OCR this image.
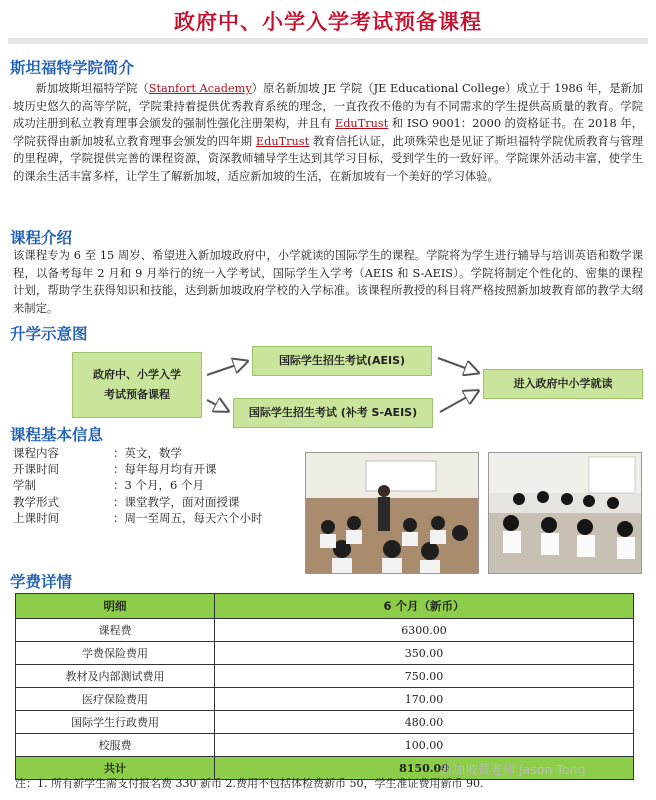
政府中、小学入学考试预备课程
斯坦福特学院简介

新加坡斯坦福特学院（Stanfort Academy）原名新加坡 JE 学院（JE Educational College）成立于 1986 年，是新加坡历史悠久的高等学院，学院秉持着提供优秀教育系统的理念，一直孜孜不倦的为有不同需求的学生提供高质量的教育。学院成功注册到私立教育理事会颁发的强制性强化注册架构，并且有 EduTrust 和 ISO 9001：2000 的资格证书。在 2018 年，学院获得由新加坡私立教育理事会颁发的四年期 EduTrust 教育信托认证，此项殊荣也是见证了斯坦福特学院优质教育与管理的里程碑，学院提供完善的课程资源，资深教师辅导学生达到其学习目标，受到学生的一致好评。学院课外活动丰富，使学生的课余生活丰富多样，让学生了解新加坡，适应新加坡的生活，在新加坡有一个美好的学习体验。

课程介绍

该课程专为 6 至 15 周岁、希望进入新加坡政府中，小学就读的国际学生的课程。学院将为学生进行辅导与培训英语和数学课程，以备考每年 2 月和 9 月举行的统一入学考试，国际学生入学考（AEIS 和 S-AEIS）。学院将制定个性化的、密集的课程计划，帮助学生获得知识和技能，达到新加坡政府学校的入学标准。该课程所教授的科目将严格按照新加坡教育部的教学大纲来制定。

升学示意图
政府中、小学入学
考试预备课程
国际学生招生考试(AEIS)
国际学生招生考试 (补考 S-AEIS)
进入政府中小学就读
课程基本信息
课程内容	：英文，数学
开课时间	：每年每月均有开课
学制	：3 个月，6 个月
教学形式	：课堂教学，面对面授课
上课时间	：周一至周五，每天六个小时
学费详情
明细	6 个月（新币）
课程费	6300.00
学费保险费用	350.00
教材及内部测试费用	750.00
医疗保险费用	170.00
国际学生行政费用	480.00
校服费	100.00
共计	8150.00
注：1. 所有新学生需支付报名费 330 新币 2.费用不包括体检费新币 50，学生准证费用新币 90.
新加坡黄老师 Jason Tong
